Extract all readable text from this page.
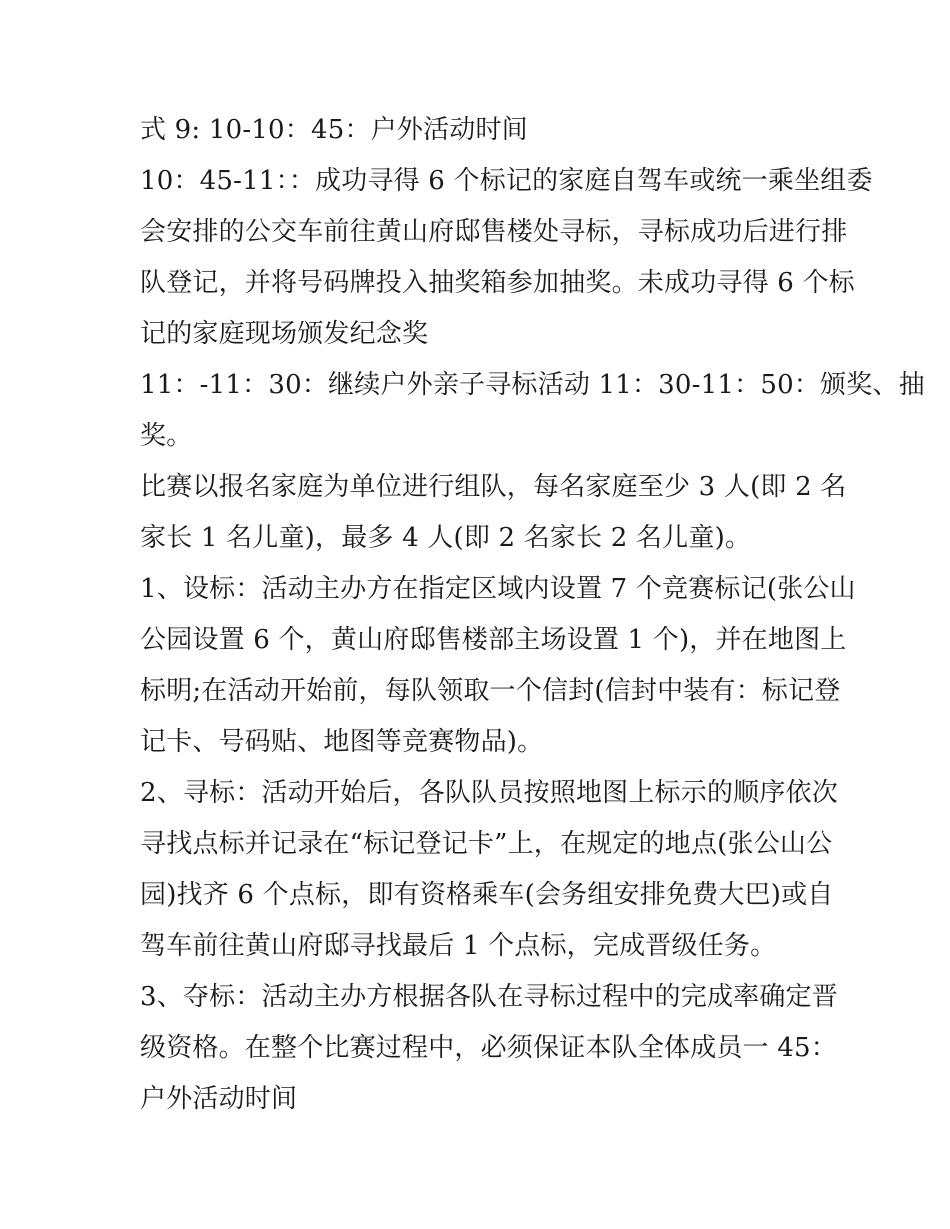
式 9: 10-10：45：户外活动时间
10：45-11：：成功寻得 6 个标记的家庭自驾车或统一乘坐组委
会安排的公交车前往黄山府邸售楼处寻标，寻标成功后进行排
队登记，并将号码牌投入抽奖箱参加抽奖。未成功寻得 6 个标
记的家庭现场颁发纪念奖
11：-11：30：继续户外亲子寻标活动 11：30-11：50：颁奖、抽
奖。
比赛以报名家庭为单位进行组队，每名家庭至少 3 人(即 2 名
家长 1 名儿童)，最多 4 人(即 2 名家长 2 名儿童)。
1、设标：活动主办方在指定区域内设置 7 个竞赛标记(张公山
公园设置 6 个，黄山府邸售楼部主场设置 1 个)，并在地图上
标明;在活动开始前，每队领取一个信封(信封中装有：标记登
记卡、号码贴、地图等竞赛物品)。
2、寻标：活动开始后，各队队员按照地图上标示的顺序依次
寻找点标并记录在“标记登记卡”上，在规定的地点(张公山公
园)找齐 6 个点标，即有资格乘车(会务组安排免费大巴)或自
驾车前往黄山府邸寻找最后 1 个点标，完成晋级任务。
3、夺标：活动主办方根据各队在寻标过程中的完成率确定晋
级资格。在整个比赛过程中，必须保证本队全体成员一 45：
户外活动时间
